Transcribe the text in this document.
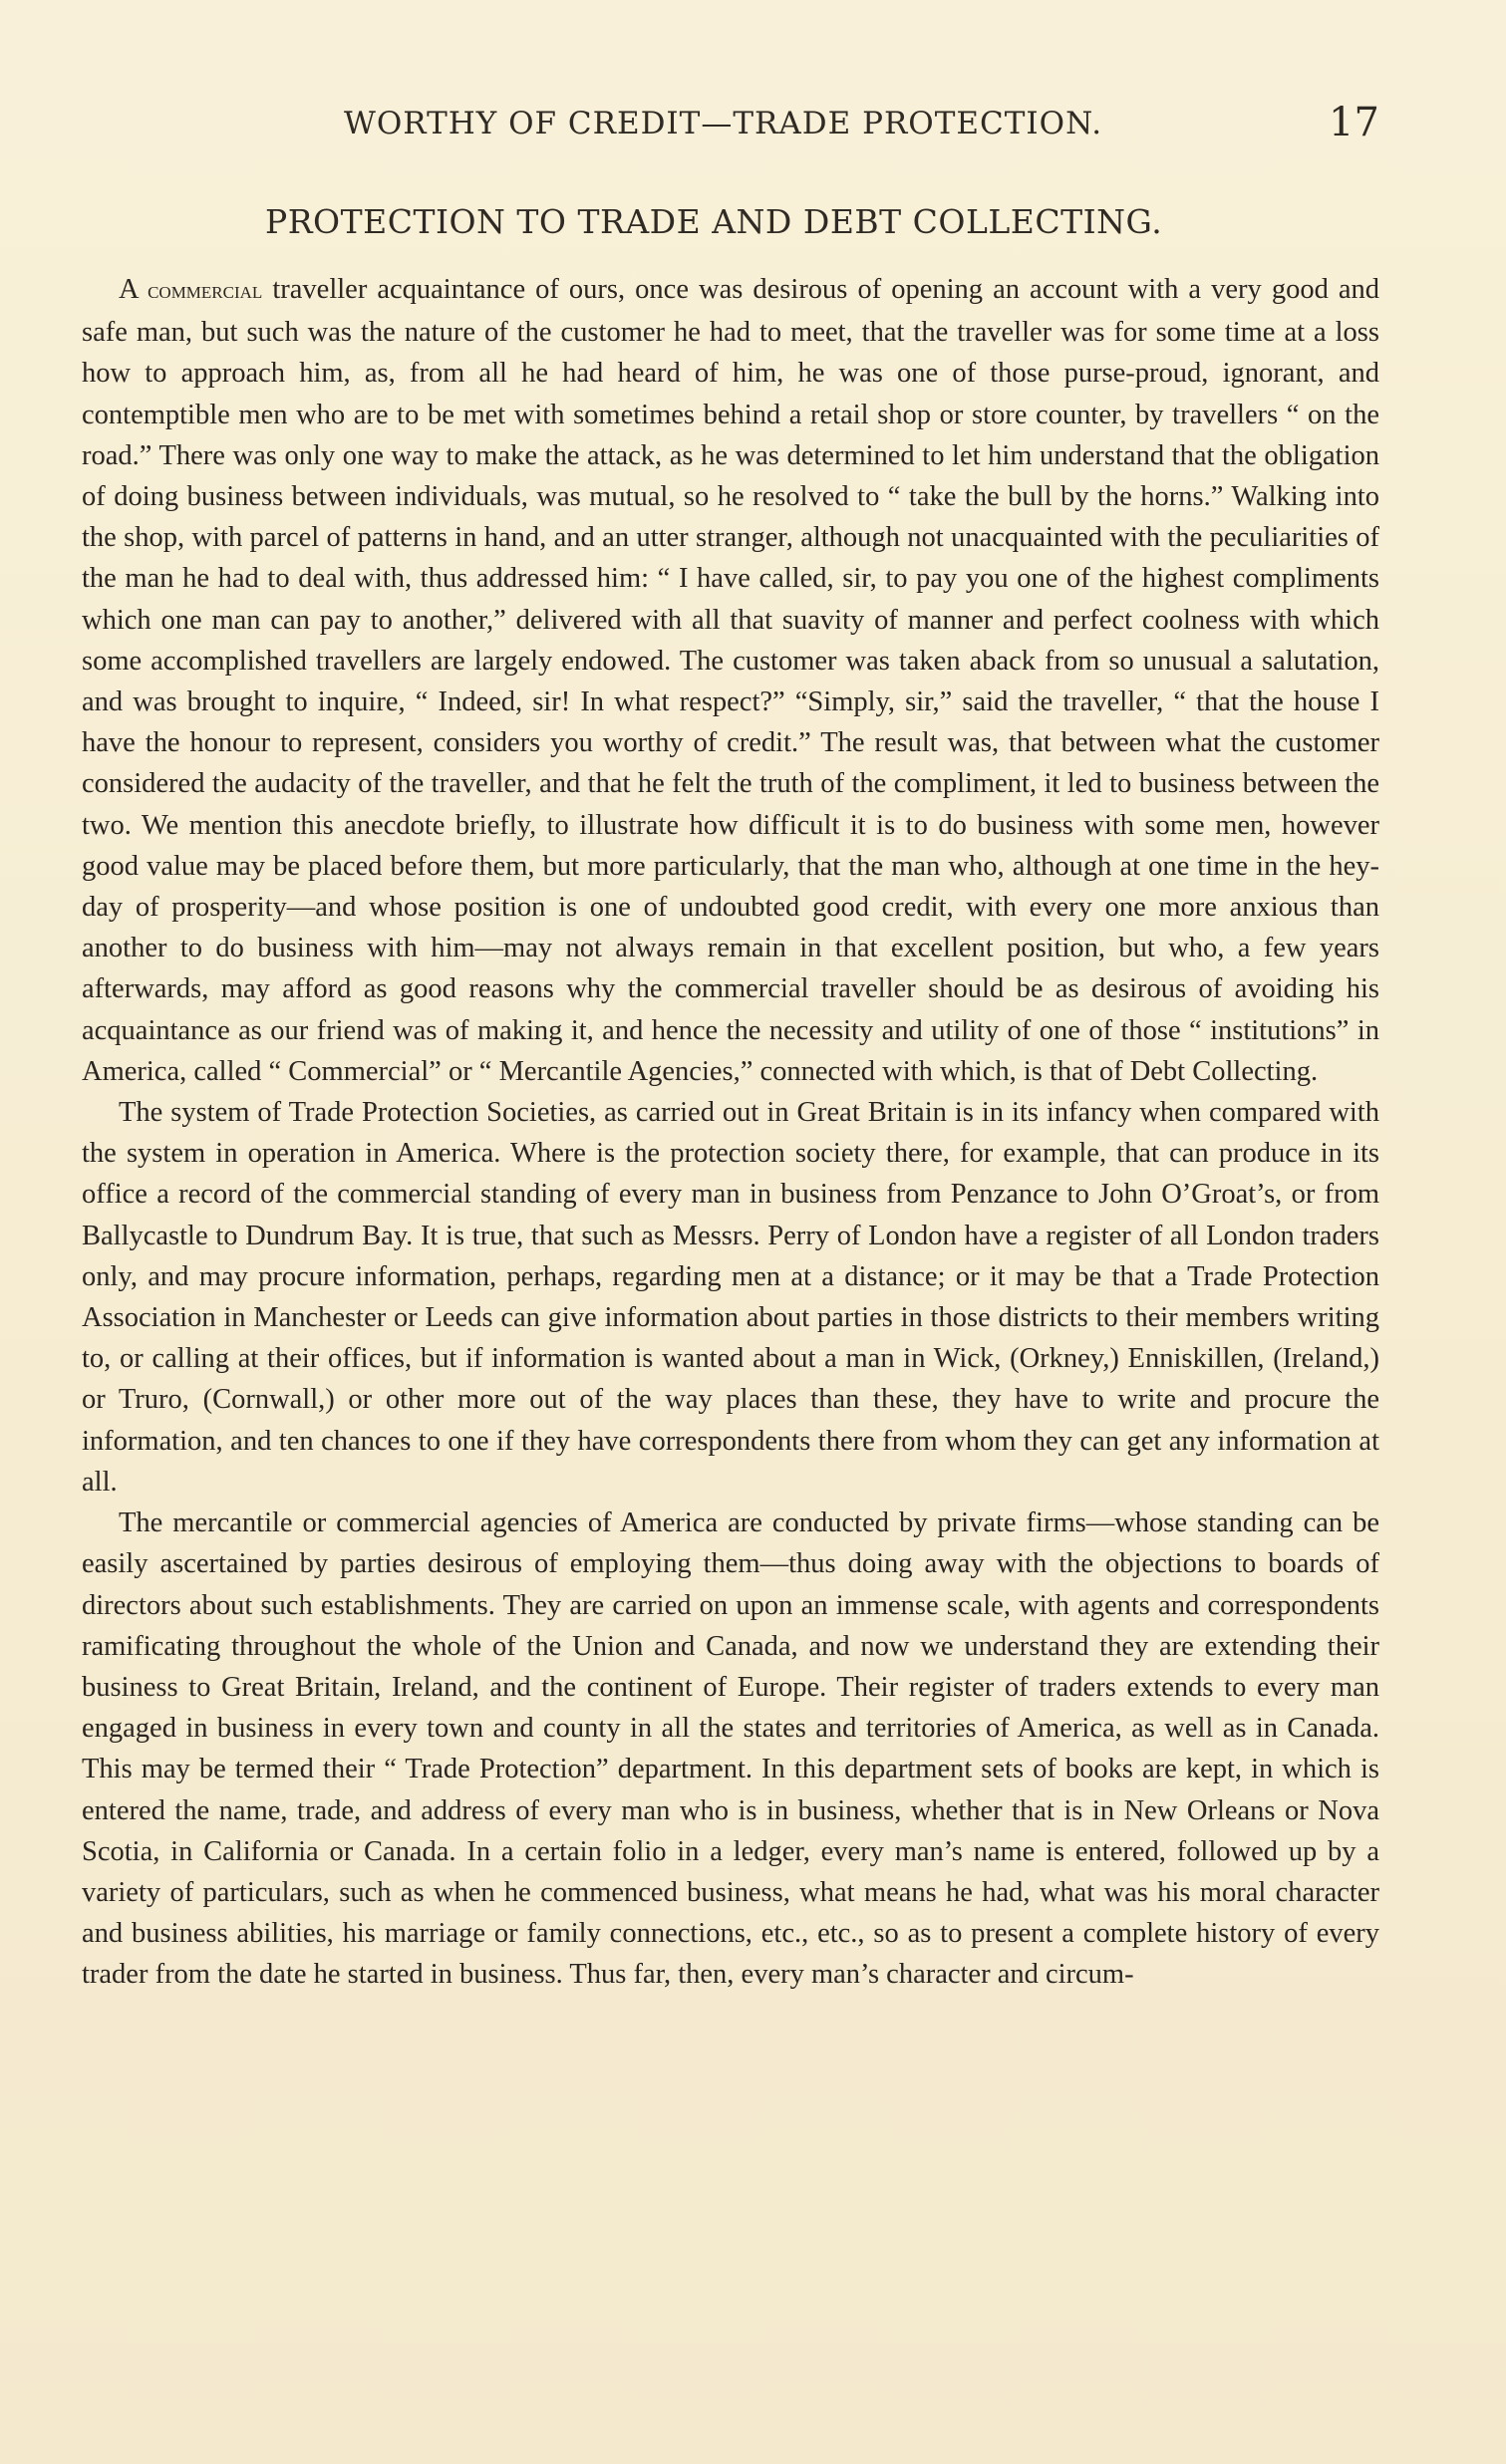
WORTHY OF CREDIT—TRADE PROTECTION.	17
PROTECTION TO TRADE AND DEBT COLLECTING.

A commercial traveller acquaintance of ours, once was desirous of opening an account with a very good and safe man, but such was the nature of the customer he had to meet, that the traveller was for some time at a loss how to approach him, as, from all he had heard of him, he was one of those purse-proud, ignorant, and contemptible men who are to be met with sometimes behind a retail shop or store counter, by travellers “ on the road.” There was only one way to make the attack, as he was determined to let him understand that the obligation of doing business between individuals, was mutual, so he resolved to “ take the bull by the horns.” Walking into the shop, with parcel of patterns in hand, and an utter stranger, although not unacquainted with the peculiarities of the man he had to deal with, thus addressed him: “ I have called, sir, to pay you one of the highest compliments which one man can pay to another,” delivered with all that suavity of manner and perfect coolness with which some accomplished travellers are largely endowed. The customer was taken aback from so unusual a salutation, and was brought to inquire, “ Indeed, sir! In what respect?” “Simply, sir,” said the traveller, “ that the house I have the honour to represent, considers you worthy of credit.” The result was, that between what the customer considered the audacity of the traveller, and that he felt the truth of the compliment, it led to business between the two. We mention this anecdote briefly, to illustrate how difficult it is to do business with some men, however good value may be placed before them, but more particularly, that the man who, although at one time in the hey-day of prosperity—and whose position is one of undoubted good credit, with every one more anxious than another to do business with him—may not always remain in that excellent position, but who, a few years afterwards, may afford as good reasons why the commercial traveller should be as desirous of avoiding his acquaintance as our friend was of making it, and hence the necessity and utility of one of those “ institutions” in America, called “ Commercial” or “ Mercantile Agencies,” connected with which, is that of Debt Collecting.

The system of Trade Protection Societies, as carried out in Great Britain is in its infancy when compared with the system in operation in America. Where is the protection society there, for example, that can produce in its office a record of the commercial standing of every man in business from Penzance to John O’Groat’s, or from Ballycastle to Dundrum Bay. It is true, that such as Messrs. Perry of London have a register of all London traders only, and may procure information, perhaps, regarding men at a distance; or it may be that a Trade Protection Association in Manchester or Leeds can give information about parties in those districts to their members writing to, or calling at their offices, but if information is wanted about a man in Wick, (Orkney,) Enniskillen, (Ireland,) or Truro, (Cornwall,) or other more out of the way places than these, they have to write and procure the information, and ten chances to one if they have correspondents there from whom they can get any information at all.

The mercantile or commercial agencies of America are conducted by private firms—whose standing can be easily ascertained by parties desirous of employing them—thus doing away with the objections to boards of directors about such establishments. They are carried on upon an immense scale, with agents and correspondents ramificating throughout the whole of the Union and Canada, and now we understand they are extending their business to Great Britain, Ireland, and the continent of Europe. Their register of traders extends to every man engaged in business in every town and county in all the states and territories of America, as well as in Canada. This may be termed their “ Trade Protection” department. In this department sets of books are kept, in which is entered the name, trade, and address of every man who is in business, whether that is in New Orleans or Nova Scotia, in California or Canada. In a certain folio in a ledger, every man’s name is entered, followed up by a variety of particulars, such as when he commenced business, what means he had, what was his moral character and business abilities, his marriage or family connections, etc., etc., so as to present a complete history of every trader from the date he started in business. Thus far, then, every man’s character and circum-
